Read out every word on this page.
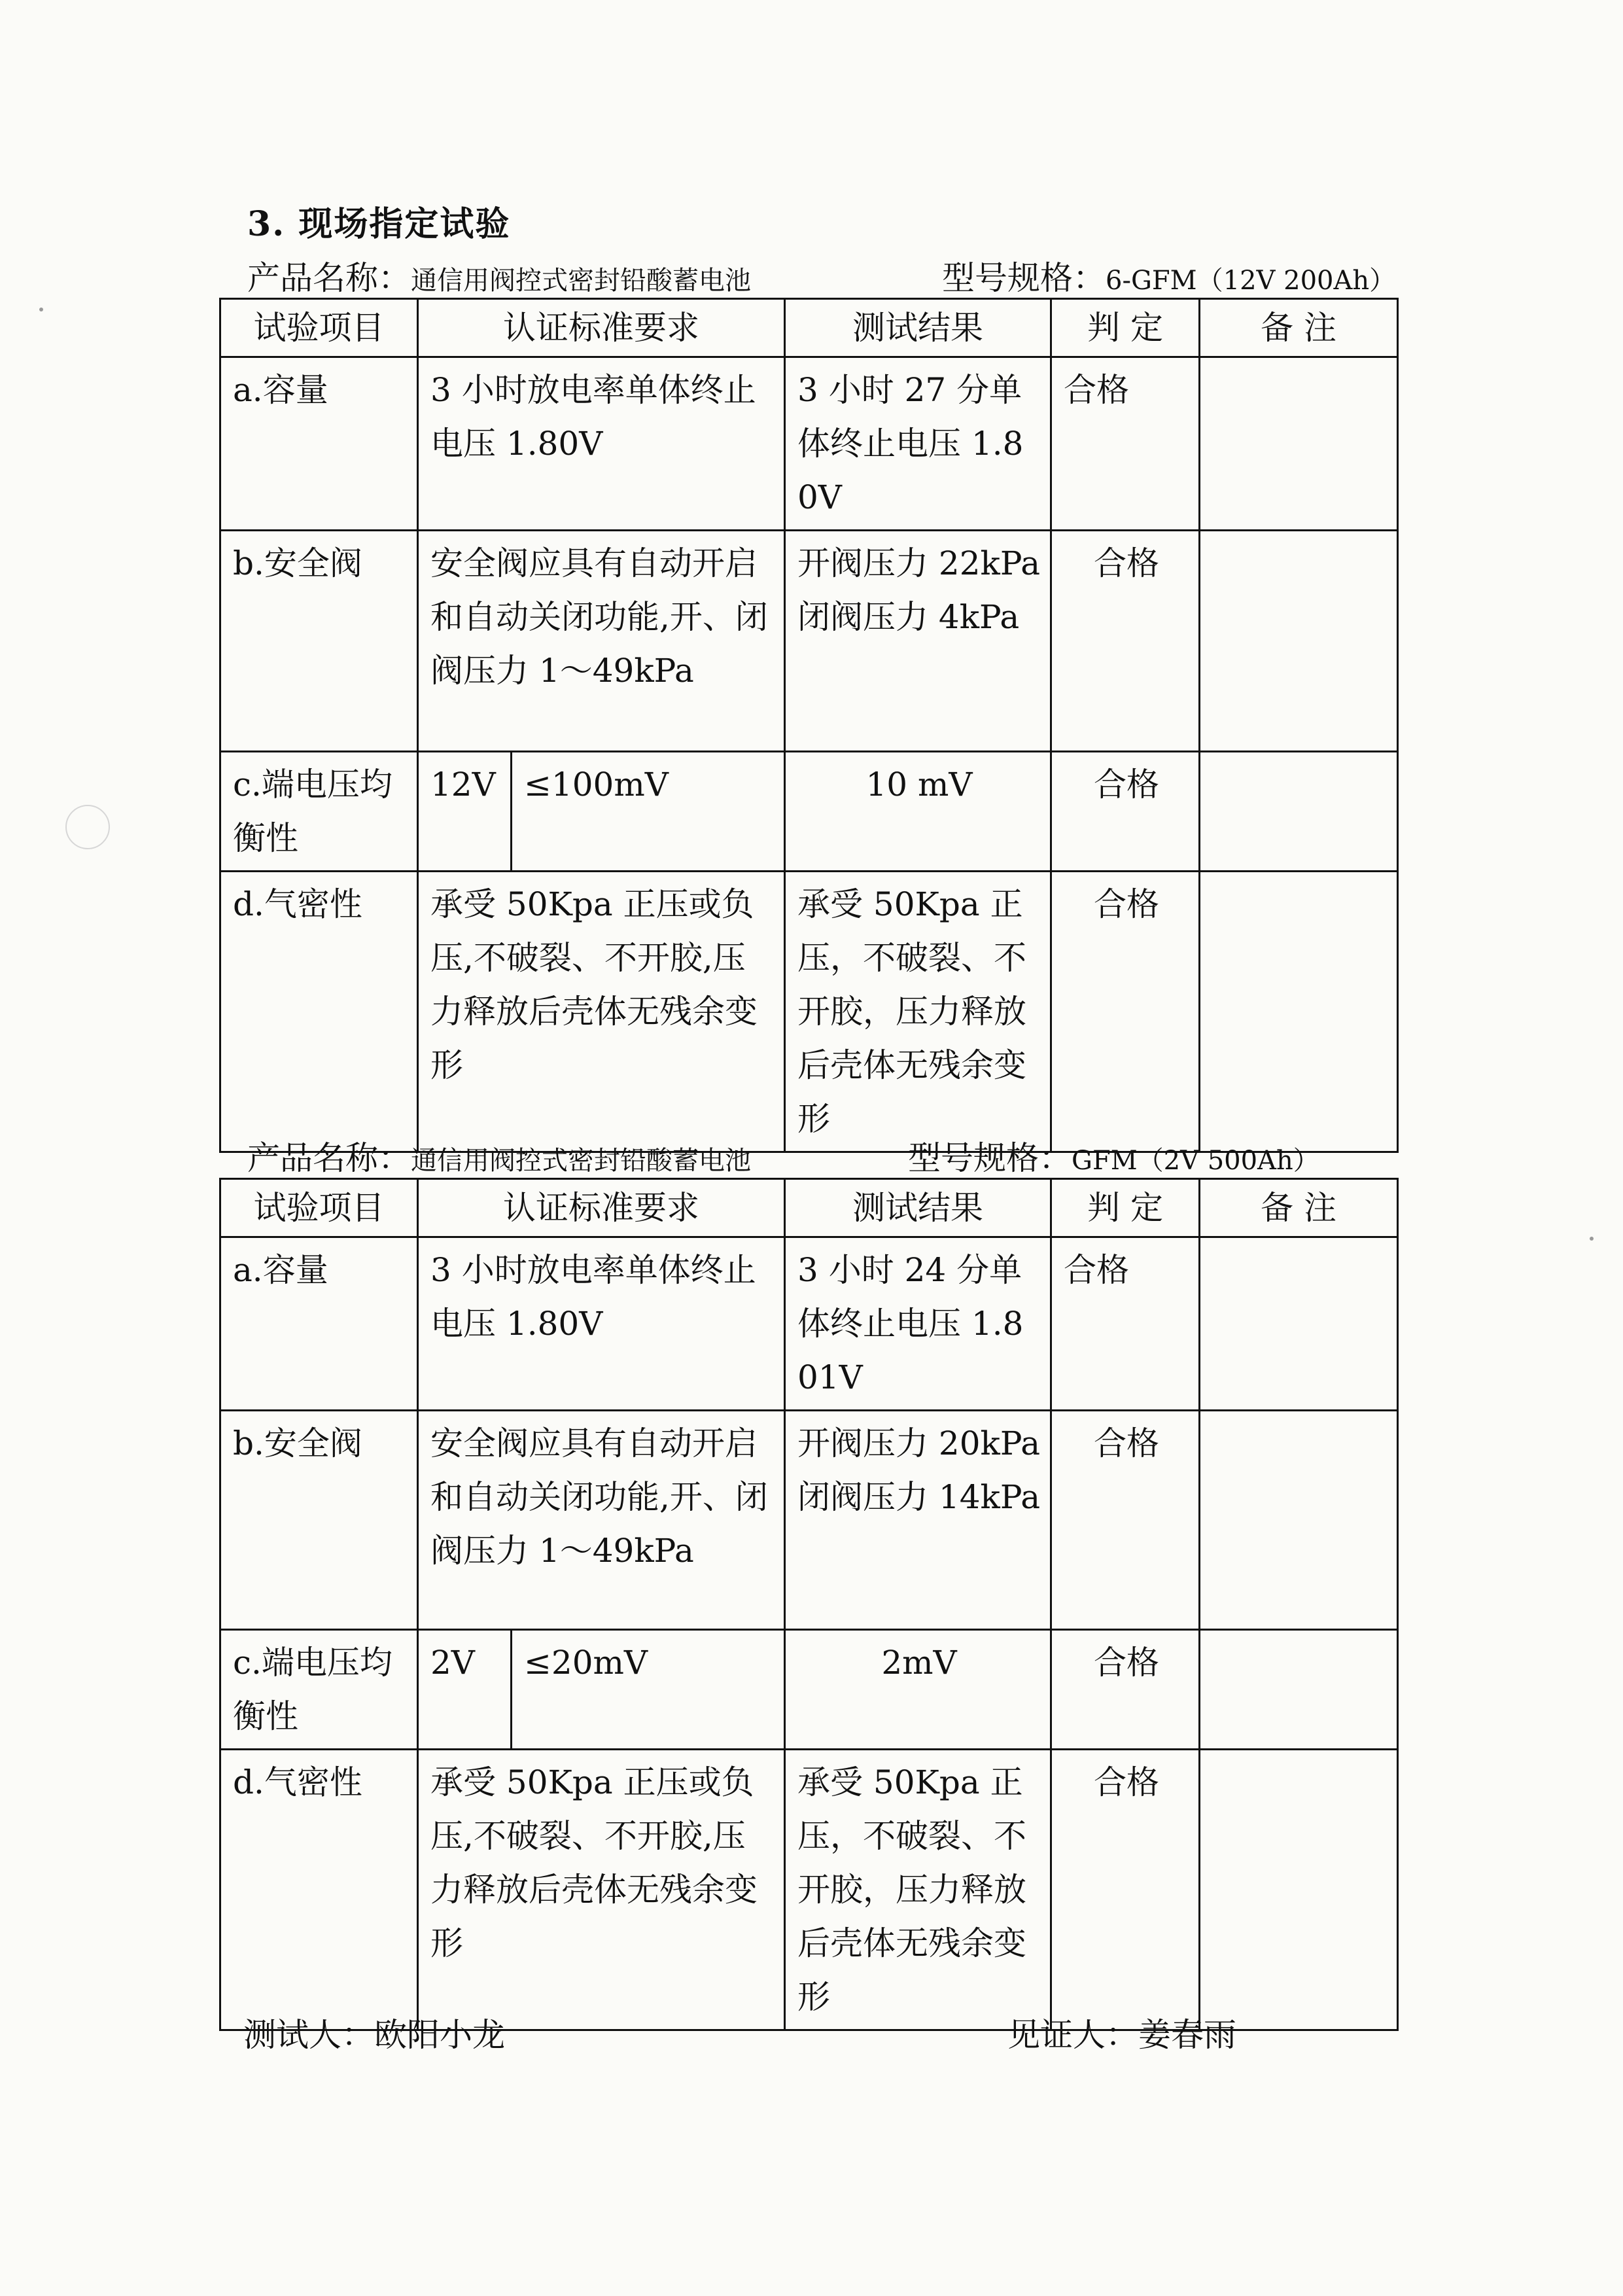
3. 现场指定试验
产品名称：通信用阀控式密封铅酸蓄电池	型号规格：6-GFM（12V 200Ah）
试验项目	认证标准要求		测试结果	判 定	备 注
a.容量	3 小时放电率单体终止电压 1.80V		3 小时 27 分单体终止电压 1.80V	合格	
b.安全阀	安全阀应具有自动开启和自动关闭功能,开、闭阀压力 1～49kPa		开阀压力 22kPa 闭阀压力 4kPa	合格	
c.端电压均衡性	12V	≤100mV	10 mV	合格	
d.气密性	承受 50Kpa 正压或负压,不破裂、不开胶,压力释放后壳体无残余变形		承受 50Kpa 正压，不破裂、不开胶，压力释放后壳体无残余变形	合格	
产品名称：通信用阀控式密封铅酸蓄电池	型号规格：GFM（2V 500Ah）
试验项目	认证标准要求		测试结果	判 定	备 注
a.容量	3 小时放电率单体终止电压 1.80V		3 小时 24 分单体终止电压 1.801V	合格	
b.安全阀	安全阀应具有自动开启和自动关闭功能,开、闭阀压力 1～49kPa		开阀压力 20kPa 闭阀压力 14kPa	合格	
c.端电压均衡性	2V	≤20mV	2mV	合格	
d.气密性	承受 50Kpa 正压或负压,不破裂、不开胶,压力释放后壳体无残余变形		承受 50Kpa 正压，不破裂、不开胶，压力释放后壳体无残余变形	合格	
测试人：欧阳小龙	见证人：姜春雨
